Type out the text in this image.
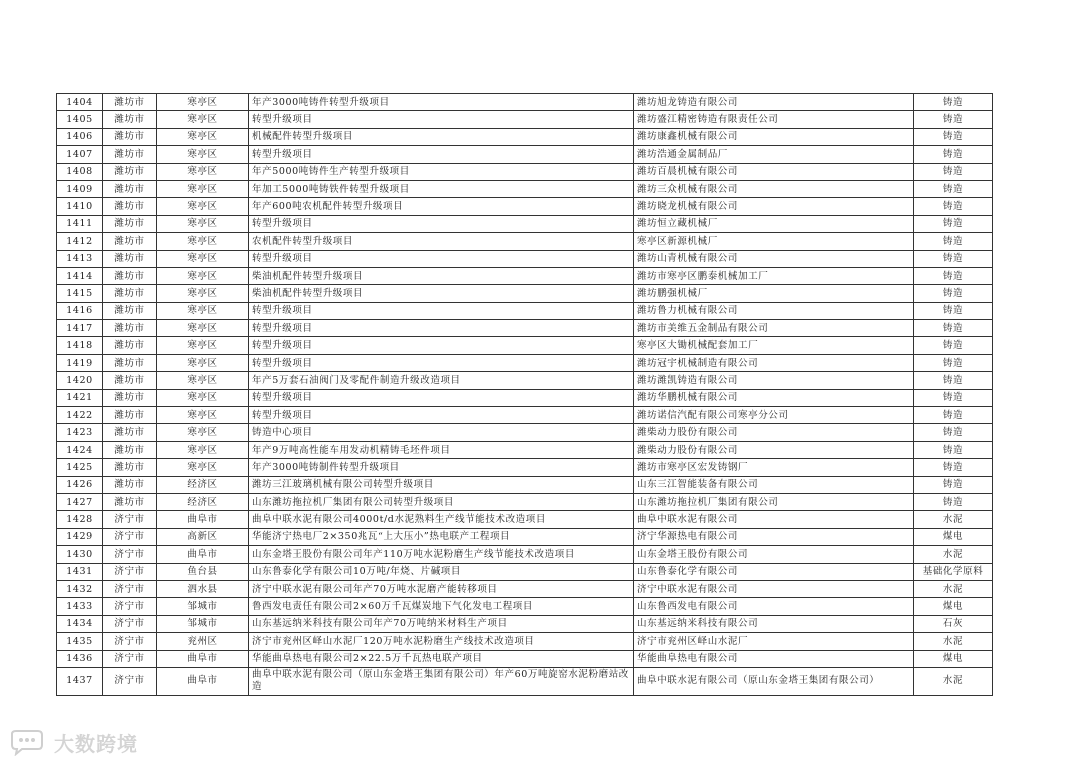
1404	潍坊市	寒亭区	年产3000吨铸件转型升级项目	潍坊旭龙铸造有限公司	铸造
1405	潍坊市	寒亭区	转型升级项目	潍坊盛江精密铸造有限责任公司	铸造
1406	潍坊市	寒亭区	机械配件转型升级项目	潍坊康鑫机械有限公司	铸造
1407	潍坊市	寒亭区	转型升级项目	潍坊浩通金属制品厂	铸造
1408	潍坊市	寒亭区	年产5000吨铸件生产转型升级项目	潍坊百晨机械有限公司	铸造
1409	潍坊市	寒亭区	年加工5000吨铸铁件转型升级项目	潍坊三众机械有限公司	铸造
1410	潍坊市	寒亭区	年产600吨农机配件转型升级项目	潍坊晓龙机械有限公司	铸造
1411	潍坊市	寒亭区	转型升级项目	潍坊恒立藏机械厂	铸造
1412	潍坊市	寒亭区	农机配件转型升级项目	寒亭区新源机械厂	铸造
1413	潍坊市	寒亭区	转型升级项目	潍坊山青机械有限公司	铸造
1414	潍坊市	寒亭区	柴油机配件转型升级项目	潍坊市寒亭区鹏泰机械加工厂	铸造
1415	潍坊市	寒亭区	柴油机配件转型升级项目	潍坊鹏强机械厂	铸造
1416	潍坊市	寒亭区	转型升级项目	潍坊鲁力机械有限公司	铸造
1417	潍坊市	寒亭区	转型升级项目	潍坊市美维五金制品有限公司	铸造
1418	潍坊市	寒亭区	转型升级项目	寒亭区大锄机械配套加工厂	铸造
1419	潍坊市	寒亭区	转型升级项目	潍坊冠宇机械制造有限公司	铸造
1420	潍坊市	寒亭区	年产5万套石油阀门及零配件制造升级改造项目	潍坊潍凯铸造有限公司	铸造
1421	潍坊市	寒亭区	转型升级项目	潍坊华鹏机械有限公司	铸造
1422	潍坊市	寒亭区	转型升级项目	潍坊诺信汽配有限公司寒亭分公司	铸造
1423	潍坊市	寒亭区	铸造中心项目	潍柴动力股份有限公司	铸造
1424	潍坊市	寒亭区	年产9万吨高性能车用发动机精铸毛坯件项目	潍柴动力股份有限公司	铸造
1425	潍坊市	寒亭区	年产3000吨铸制件转型升级项目	潍坊市寒亭区宏发铸钢厂	铸造
1426	潍坊市	经济区	潍坊三江玻璃机械有限公司转型升级项目	山东三江智能装备有限公司	铸造
1427	潍坊市	经济区	山东潍坊拖拉机厂集团有限公司转型升级项目	山东潍坊拖拉机厂集团有限公司	铸造
1428	济宁市	曲阜市	曲阜中联水泥有限公司4000t/d水泥熟料生产线节能技术改造项目	曲阜中联水泥有限公司	水泥
1429	济宁市	高新区	华能济宁热电厂2×350兆瓦“上大压小”热电联产工程项目	济宁华源热电有限公司	煤电
1430	济宁市	曲阜市	山东金塔王股份有限公司年产110万吨水泥粉磨生产线节能技术改造项目	山东金塔王股份有限公司	水泥
1431	济宁市	鱼台县	山东鲁泰化学有限公司10万吨/年烧、片碱项目	山东鲁泰化学有限公司	基础化学原料
1432	济宁市	泗水县	济宁中联水泥有限公司年产70万吨水泥磨产能转移项目	济宁中联水泥有限公司	水泥
1433	济宁市	邹城市	鲁西发电责任有限公司2×60万千瓦煤炭地下气化发电工程项目	山东鲁西发电有限公司	煤电
1434	济宁市	邹城市	山东基远纳米科技有限公司年产70万吨纳米材料生产项目	山东基远纳米科技有限公司	石灰
1435	济宁市	兖州区	济宁市兖州区峄山水泥厂120万吨水泥粉磨生产线技术改造项目	济宁市兖州区峄山水泥厂	水泥
1436	济宁市	曲阜市	华能曲阜热电有限公司2×22.5万千瓦热电联产项目	华能曲阜热电有限公司	煤电
1437	济宁市	曲阜市	曲阜中联水泥有限公司（原山东金塔王集团有限公司）年产60万吨旋窑水泥粉磨站改造	曲阜中联水泥有限公司（原山东金塔王集团有限公司）	水泥
大数跨境
